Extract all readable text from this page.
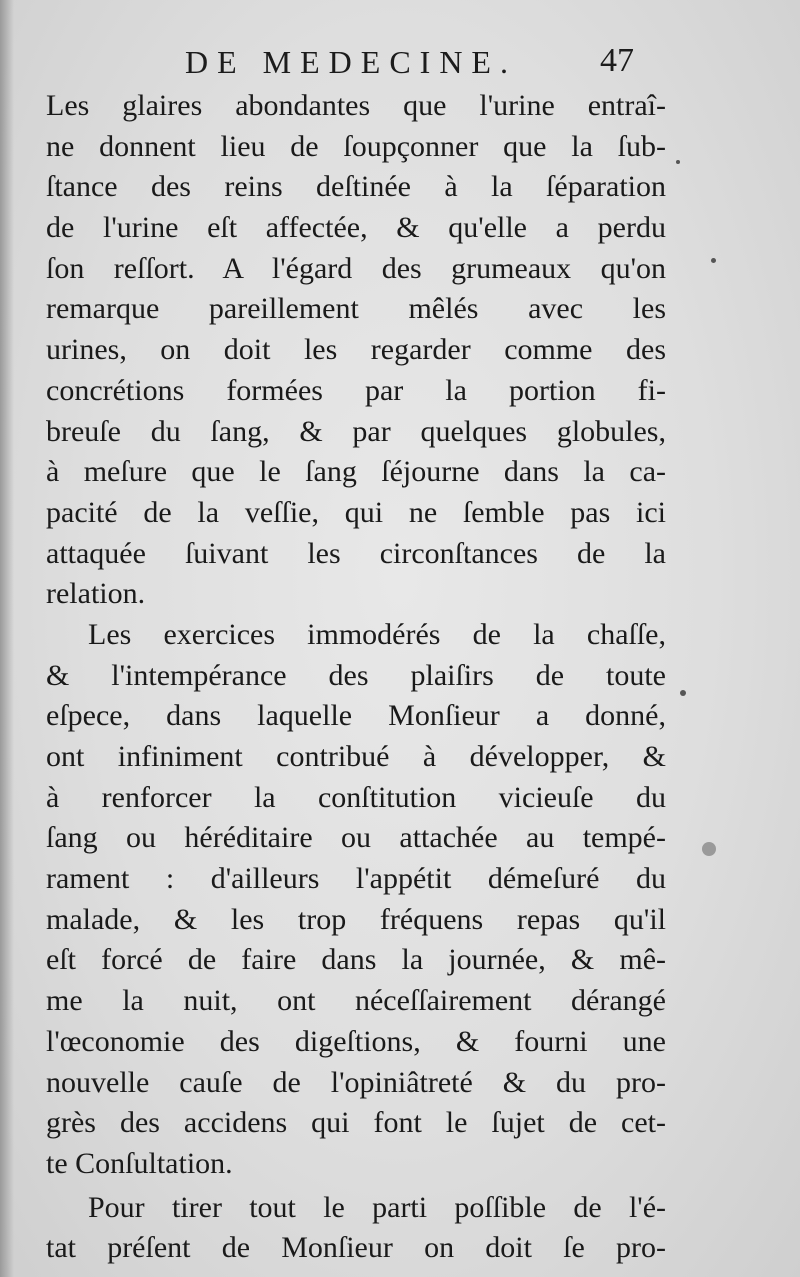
DE MEDECINE. 47
Les glaires abondantes que l'urine entraî-
ne donnent lieu de ſoupçonner que la ſub-
ſtance des reins deſtinée à la ſéparation
de l'urine eſt affectée, & qu'elle a perdu
ſon reſſort. A l'égard des grumeaux qu'on
remarque pareillement mêlés avec les
urines, on doit les regarder comme des
concrétions formées par la portion fi-
breuſe du ſang, & par quelques globules,
à meſure que le ſang ſéjourne dans la ca-
pacité de la veſſie, qui ne ſemble pas ici
attaquée ſuivant les circonſtances de la
relation.
Les exercices immodérés de la chaſſe,
& l'intempérance des plaiſirs de toute
eſpece, dans laquelle Monſieur a donné,
ont infiniment contribué à développer, &
à renforcer la conſtitution vicieuſe du
ſang ou héréditaire ou attachée au tempé-
rament : d'ailleurs l'appétit démeſuré du
malade, & les trop fréquens repas qu'il
eſt forcé de faire dans la journée, & mê-
me la nuit, ont néceſſairement dérangé
l'œconomie des digeſtions, & fourni une
nouvelle cauſe de l'opiniâtreté & du pro-
grès des accidens qui font le ſujet de cet-
te Conſultation.
Pour tirer tout le parti poſſible de l'é-
tat préſent de Monſieur on doit ſe pro-
